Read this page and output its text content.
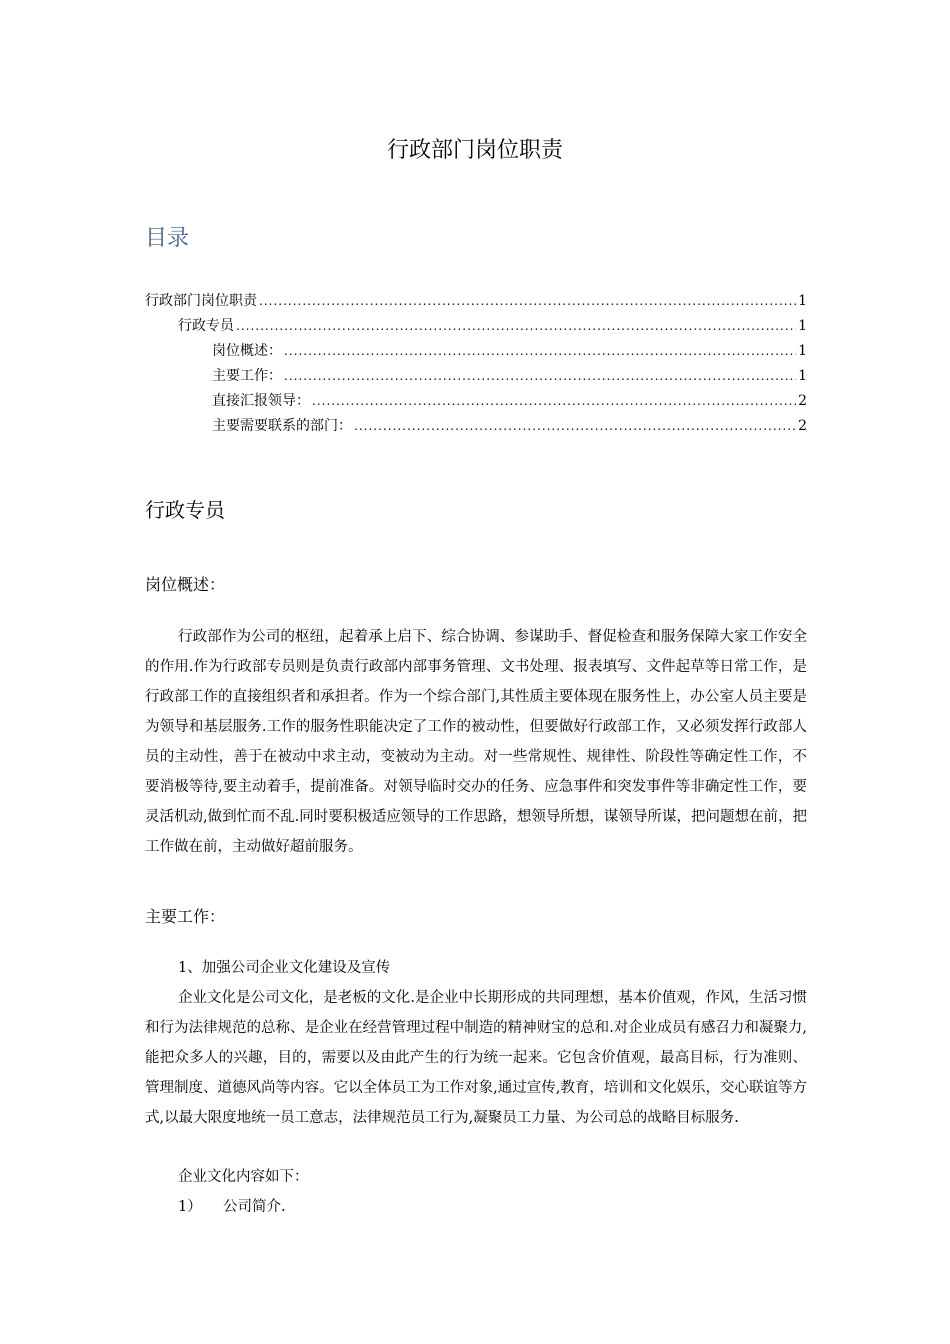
行政部门岗位职责
目录
行政部门岗位职责 .....	1
行政专员 .....	1
岗位概述： .....	1
主要工作： .....	1
直接汇报领导： .....	2
主要需要联系的部门： .....	2
行政专员
岗位概述：
行政部作为公司的枢纽，起着承上启下、综合协调、参谋助手、督促检查和服务保障大家工作安全的作用.作为行政部专员则是负责行政部内部事务管理、文书处理、报表填写、文件起草等日常工作，是行政部工作的直接组织者和承担者。作为一个综合部门,其性质主要体现在服务性上，办公室人员主要是为领导和基层服务.工作的服务性职能决定了工作的被动性，但要做好行政部工作，又必须发挥行政部人员的主动性，善于在被动中求主动，变被动为主动。对一些常规性、规律性、阶段性等确定性工作，不要消极等待,要主动着手，提前准备。对领导临时交办的任务、应急事件和突发事件等非确定性工作，要灵活机动,做到忙而不乱.同时要积极适应领导的工作思路，想领导所想，谋领导所谋，把问题想在前，把工作做在前，主动做好超前服务。
主要工作：
1、加强公司企业文化建设及宣传
企业文化是公司文化，是老板的文化.是企业中长期形成的共同理想，基本价值观，作风，生活习惯和行为法律规范的总称、是企业在经营管理过程中制造的精神财宝的总和.对企业成员有感召力和凝聚力,能把众多人的兴趣，目的，需要以及由此产生的行为统一起来。它包含价值观，最高目标，行为准则、管理制度、道德风尚等内容。它以全体员工为工作对象,通过宣传,教育，培训和文化娱乐，交心联谊等方式,以最大限度地统一员工意志，法律规范员工行为,凝聚员工力量、为公司总的战略目标服务.
企业文化内容如下：
1） 公司简介.
